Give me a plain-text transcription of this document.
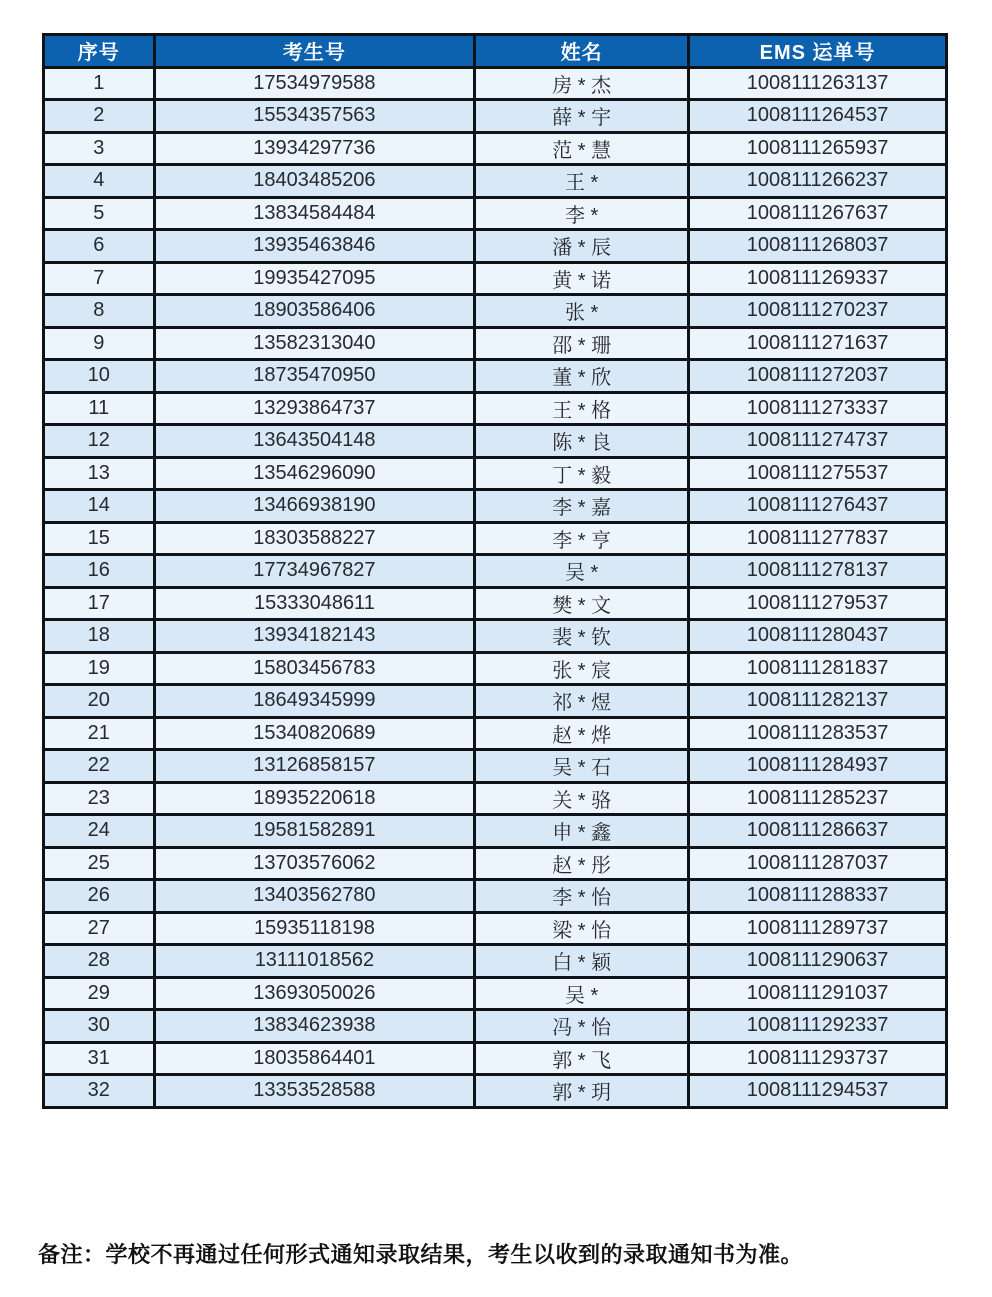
序号	考生号	姓名	EMS 运单号
1	17534979588	房 * 杰	1008111263137
2	15534357563	薛 * 宇	1008111264537
3	13934297736	范 * 慧	1008111265937
4	18403485206	王 *	1008111266237
5	13834584484	李 *	1008111267637
6	13935463846	潘 * 辰	1008111268037
7	19935427095	黄 * 诺	1008111269337
8	18903586406	张 *	1008111270237
9	13582313040	邵 * 珊	1008111271637
10	18735470950	董 * 欣	1008111272037
11	13293864737	王 * 格	1008111273337
12	13643504148	陈 * 良	1008111274737
13	13546296090	丁 * 毅	1008111275537
14	13466938190	李 * 嘉	1008111276437
15	18303588227	李 * 亨	1008111277837
16	17734967827	吴 *	1008111278137
17	15333048611	樊 * 文	1008111279537
18	13934182143	裴 * 钦	1008111280437
19	15803456783	张 * 宸	1008111281837
20	18649345999	祁 * 煜	1008111282137
21	15340820689	赵 * 烨	1008111283537
22	13126858157	吴 * 石	1008111284937
23	18935220618	关 * 骆	1008111285237
24	19581582891	申 * 鑫	1008111286637
25	13703576062	赵 * 彤	1008111287037
26	13403562780	李 * 怡	1008111288337
27	15935118198	梁 * 怡	1008111289737
28	13111018562	白 * 颖	1008111290637
29	13693050026	吴 *	1008111291037
30	13834623938	冯 * 怡	1008111292337
31	18035864401	郭 * 飞	1008111293737
32	13353528588	郭 * 玥	1008111294537
备注：学校不再通过任何形式通知录取结果，考生以收到的录取通知书为准。
